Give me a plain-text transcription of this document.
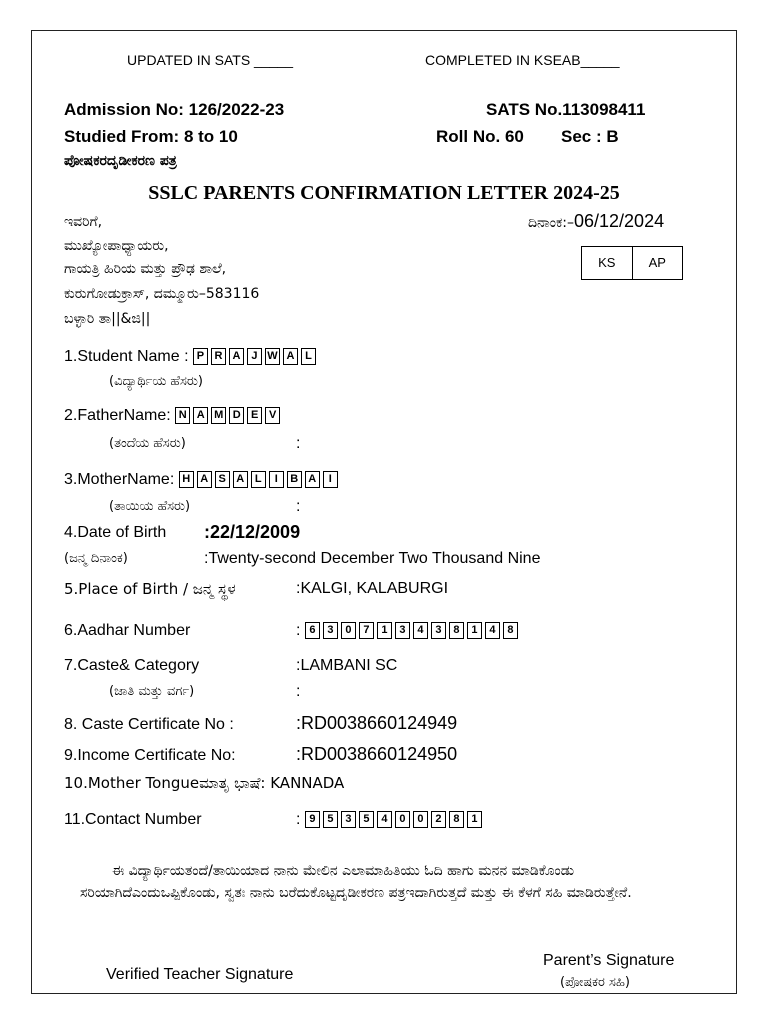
UPDATED IN SATS _____	COMPLETED IN KSEAB_____
Admission No: 126/2022-23	SATS No.113098411
Studied From: 8 to 10	Roll No. 60 Sec : B
ಪೋಷಕರದೃಡೀಕರಣ ಪತ್ರ
SSLC PARENTS CONFIRMATION LETTER 2024-25
ಇವರಿಗೆ,
ಮುಖ್ಯೋಪಾಧ್ಯಾಯರು,
ಗಾಯತ್ರಿ ಹಿರಿಯ ಮತ್ತು ಪ್ರೌಢ ಶಾಲೆ,
ಕುರುಗೋಡುಕ್ರಾಸ್, ದಮ್ಮೂರು–583116
ಬಳ್ಳಾರಿ ತಾ||&ಜಿ||
ದಿನಾಂಕ:–06/12/2024
KS	AP
1.Student Name : P R A J W A L
(ವಿದ್ಯಾರ್ಥಿಯ ಹೆಸರು)
2.FatherName: N A M D E V
(ತಂದೆಯ ಹೆಸರು)	:
3.MotherName: H A S A L	I	B A	I
(ತಾಯಿಯ ಹೆಸರು)	:
4.Date of Birth :22/12/2009
(ಜನ್ಮ ದಿನಾಂಕ)	:Twenty-second December Two Thousand Nine
5.Place of Birth / ಜನ್ಮ ಸ್ಥಳ	:KALGI, KALABURGI
6.Aadhar Number	: 6	3	0	7	1	3	4	3	8	1	4	8
7.Caste& Category	:LAMBANI SC
(ಜಾತಿ ಮತ್ತು ವರ್ಗ)	:
8. Caste Certificate No :	:RD0038660124949
9.Income Certificate No:	:RD0038660124950
10.Mother Tongueಮಾತೃ ಭಾಷೆ: KANNADA
11.Contact Number	: 9	5	3	5	4	0	0	2	8	1
ಈ ವಿದ್ಯಾರ್ಥಿಯತಂದೆ/ತಾಯಿಯಾದ ನಾನು ಮೇಲಿನ ಎಲಾಮಾಹಿತಿಯು ಓದಿ ಹಾಗು ಮನನ ಮಾಡಿಕೊಂಡು ಸರಿಯಾಗಿದೆಎಂದುಒಪ್ಪಿಕೊಂಡು, ಸ್ವತಃ ನಾನು ಬರೆದುಕೊಟ್ಟದೃಡೀಕರಣ ಪತ್ರಇದಾಗಿರುತ್ತದೆ ಮತ್ತು ಈ ಕೆಳಗೆ ಸಹಿ ಮಾಡಿರುತ್ತೇನೆ.
Verified Teacher Signature
Parent’s Signature
(ಪೋಷಕರ ಸಹಿ)
